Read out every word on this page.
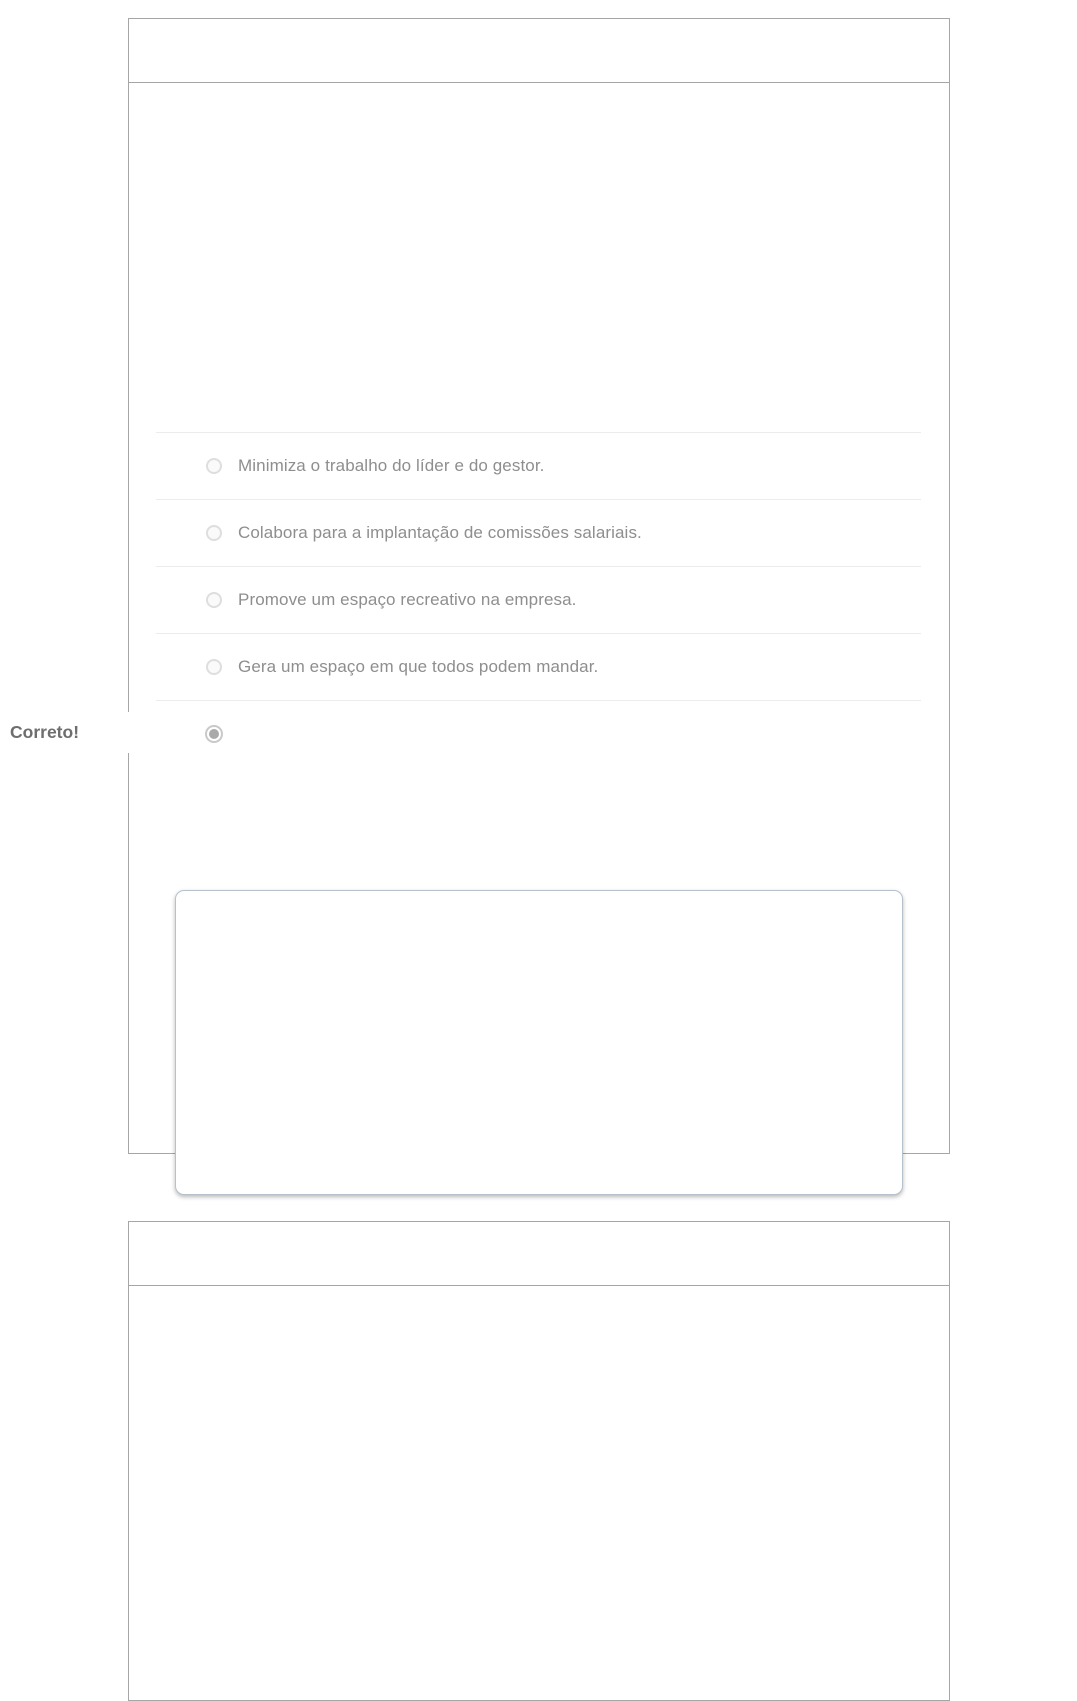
Correto!
Minimiza o trabalho do líder e do gestor.
Colabora para a implantação de comissões salariais.
Promove um espaço recreativo na empresa.
Gera um espaço em que todos podem mandar.
